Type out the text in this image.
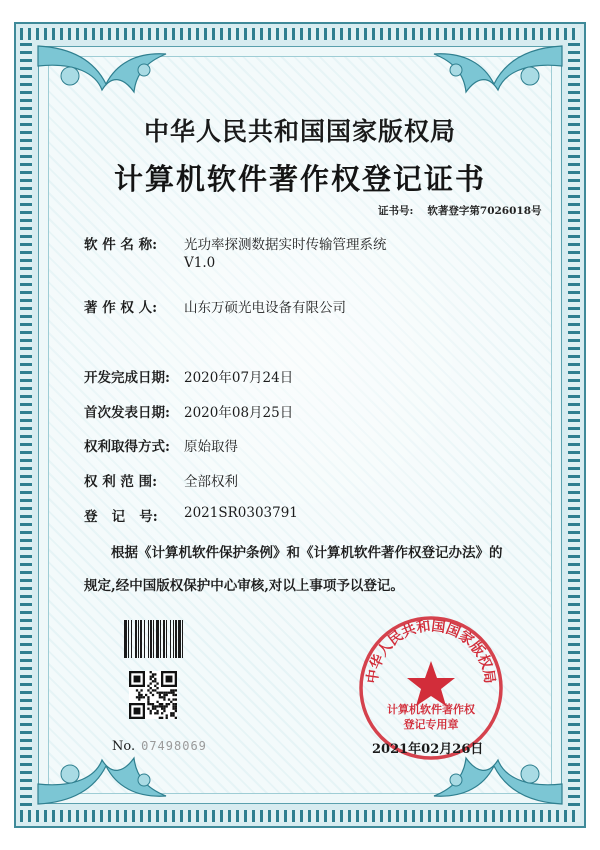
中华人民共和国国家版权局
计算机软件著作权登记证书
证书号: 软著登字第7026018号
软 件 名 称: 光功率探测数据实时传输管理系统
V1.0
著 作 权 人: 山东万硕光电设备有限公司
开发完成日期: 2020年07月24日
首次发表日期: 2020年08月25日
权利取得方式: 原始取得
权 利 范 围: 全部权利
登   记   号: 2021SR0303791
根据《计算机软件保护条例》和《计算机软件著作权登记办法》的
规定,经中国版权保护中心审核,对以上事项予以登记。
No. 07498069
中华人民共和国国家版权局
计算机软件著作权
登记专用章
2021年02月26日
